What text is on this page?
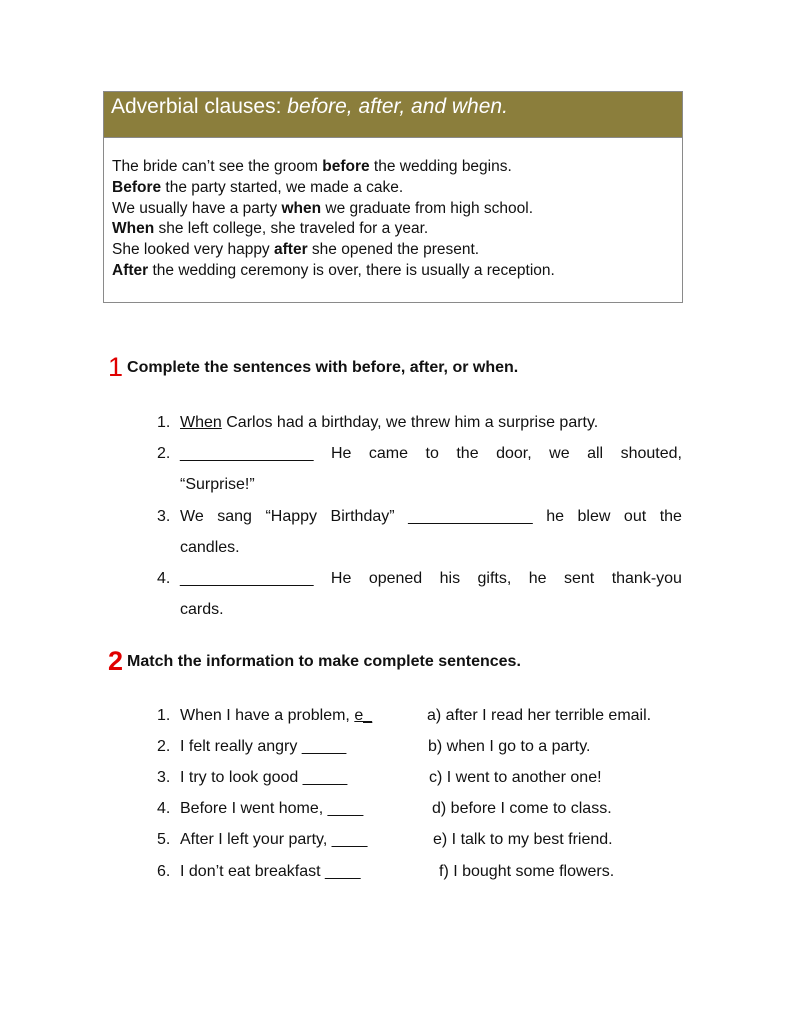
Adverbial clauses: before, after, and when.
The bride can’t see the groom before the wedding begins.
Before the party started, we made a cake.
We usually have a party when we graduate from high school.
When she left college, she traveled for a year.
She looked very happy after she opened the present.
After the wedding ceremony is over, there is usually a reception.
1 Complete the sentences with before, after, or when.
1. When Carlos had a birthday, we threw him a surprise party.
2. _______________ He came to the door, we all shouted,
“Surprise!”
3. We sang “Happy Birthday” ______________ he blew out the
candles.
4. _______________ He opened his gifts, he sent thank-you
cards.
2 Match the information to make complete sentences.
1. When I have a problem, e_	a) after I read her terrible email.
2. I felt really angry _____	b) when I go to a party.
3. I try to look good _____	c) I went to another one!
4. Before I went home, ____	d) before I come to class.
5. After I left your party, ____	e) I talk to my best friend.
6. I don’t eat breakfast ____	f) I bought some flowers.
